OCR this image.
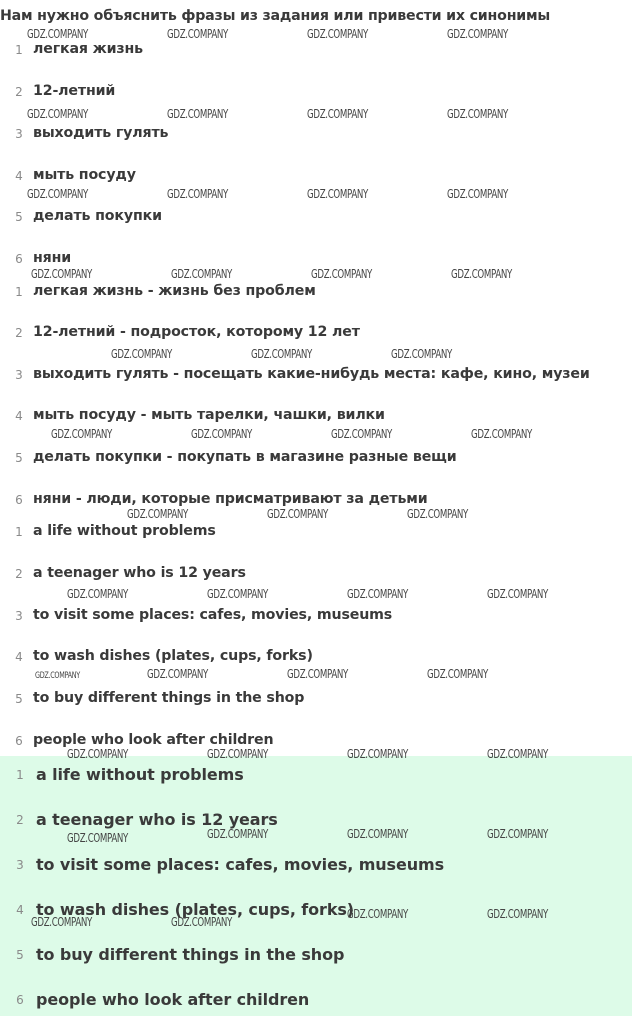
Нам нужно объяснить фразы из задания или привести их синонимы
1 легкая жизнь
2 12-летний
3 выходить гулять
4 мыть посуду
5 делать покупки
6 няни
1 легкая жизнь - жизнь без проблем
2 12-летний - подросток, которому 12 лет
3 выходить гулять - посещать какие-нибудь места: кафе, кино, музеи
4 мыть посуду - мыть тарелки, чашки, вилки
5 делать покупки - покупать в магазине разные вещи
6 няни - люди, которые присматривают за детьми
1 a life without problems
2 a teenager who is 12 years
3 to visit some places: cafes, movies, museums
4 to wash dishes (plates, cups, forks)
5 to buy different things in the shop
6 people who look after children
1 a life without problems
2 a teenager who is 12 years
3 to visit some places: cafes, movies, museums
4 to wash dishes (plates, cups, forks)
5 to buy different things in the shop
6 people who look after children
GDZ.COMPANY	GDZ.COMPANY	GDZ.COMPANY	GDZ.COMPANY
GDZ.COMPANY	GDZ.COMPANY	GDZ.COMPANY	GDZ.COMPANY
GDZ.COMPANY	GDZ.COMPANY	GDZ.COMPANY	GDZ.COMPANY
GDZ.COMPANY	GDZ.COMPANY	GDZ.COMPANY	GDZ.COMPANY
GDZ.COMPANY	GDZ.COMPANY	GDZ.COMPANY
GDZ.COMPANY	GDZ.COMPANY	GDZ.COMPANY	GDZ.COMPANY
GDZ.COMPANY	GDZ.COMPANY	GDZ.COMPANY
GDZ.COMPANY	GDZ.COMPANY	GDZ.COMPANY	GDZ.COMPANY
GDZ.COMPANY	GDZ.COMPANY	GDZ.COMPANY	GDZ.COMPANY
GDZ.COMPANY	GDZ.COMPANY	GDZ.COMPANY	GDZ.COMPANY
GDZ.COMPANY	GDZ.COMPANY	GDZ.COMPANY
GDZ.COMPANY
GDZ.COMPANY	GDZ.COMPANY
GDZ.COMPANY	GDZ.COMPANY
